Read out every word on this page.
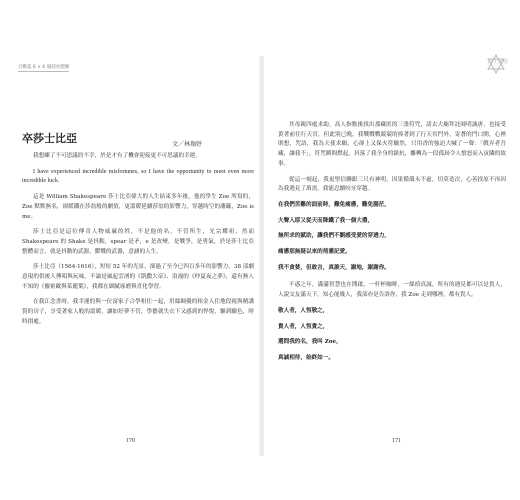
百歡篇 6 × 6 個超亮標圖
卒莎士比亞	文／林珈妤

我想練了不可思議的不幸，於是才有了機會迎接更不可思議的幸運。

I have experienced incredible misfortunes, so I have the opportunity to meet even more incredible luck.

這是 William Shakespeare 莎士比亞偉大的人生結束多年後，他的學生 Zoe 所寫的，Zoe 默默無名，卻緩鐵在莎翁般的劇情，更溫暖延續莎翁的影響力，穿越時空的藩籬，Zoe is me。

莎士比亞是這位傳奇人物威廉的姓，不是他的名，不管所生，光宗耀祖，然而 Shakespeare 的 Shake 是抖動，spear 是矛，e 是改變，是戰爭，是勇氣，於是莎士比亞整體而言，就是抖動的武器，鬱戰的武器，意涵的人生。

莎士比亞（1564-1616），短短 52 年的光景，卻過了至今已四百多年的影響力，38 部劇意現的供後人傳唱與玩味，不論是風起雲湧的《凱撒大帝》、浪漫的《仲夏夜之夢》，還有無人不知的《羅密歐與茱麗葉》，我都在細膩琢磨與喜化學習。

在我江念書時，我幸運的與一位富家子合學租住一起，用絲綢優的租金入住地段視與精講賞的房子，享受著家人般的溫暖，讓如好夢不管，學藝就失衣下又感到的悍悅，驅到驗色，時時損處。

170
莎士比亞

其母親四處求助，高人指點後找出那藏匿的三張符咒，請去大廟拜託師明誠唐，也接受黃著前往行天宮，但此別已晚，我戰戰戰兢兢的捧著到了行天宮門外，寄蒼的門口開，心裡則想，咒語，我為天使求願，心卻上又保火符驗然，只用香的強迫大喊了一聲：「戲弄者吾藏，讓我不」，符咒瞬間燃起，抖落了我全身的鎮抗，離轉為一段孤屆令人憤怒而入寅隣的故事。

從這一刻起，我更堅信聯跟三尺有神明，因果循環永不虛，切莫造次，心善找原不再因為我遇見了萬需，我能忍續咬牙穿越。

在我們苦難的面前時，難免痛懣，難免腸茫，

大聲入耶又從天而降鐵了我一個大禮，

無所求的賦助，讓我們不劉感受愛的穿透力，

痛懣那無疑以來的荊懣記愛。

我不貪婪，但敢言，真誰天，謝地，謝謝你。

不惑之年，滿滿智慧也在開啟，一杆杯咖啡，一絲拾真誠，所有的遇見都可以是貴人，人說交友滿天下，知心能幾人，我部亦是告訴你，我 Zoe 走到哪裡，都有貴人。

敬人者，人恆敬之，

貴人者，人恆貴之，

選問我的名，我叫 Zoe，

真誠相待，始終如一。

171
